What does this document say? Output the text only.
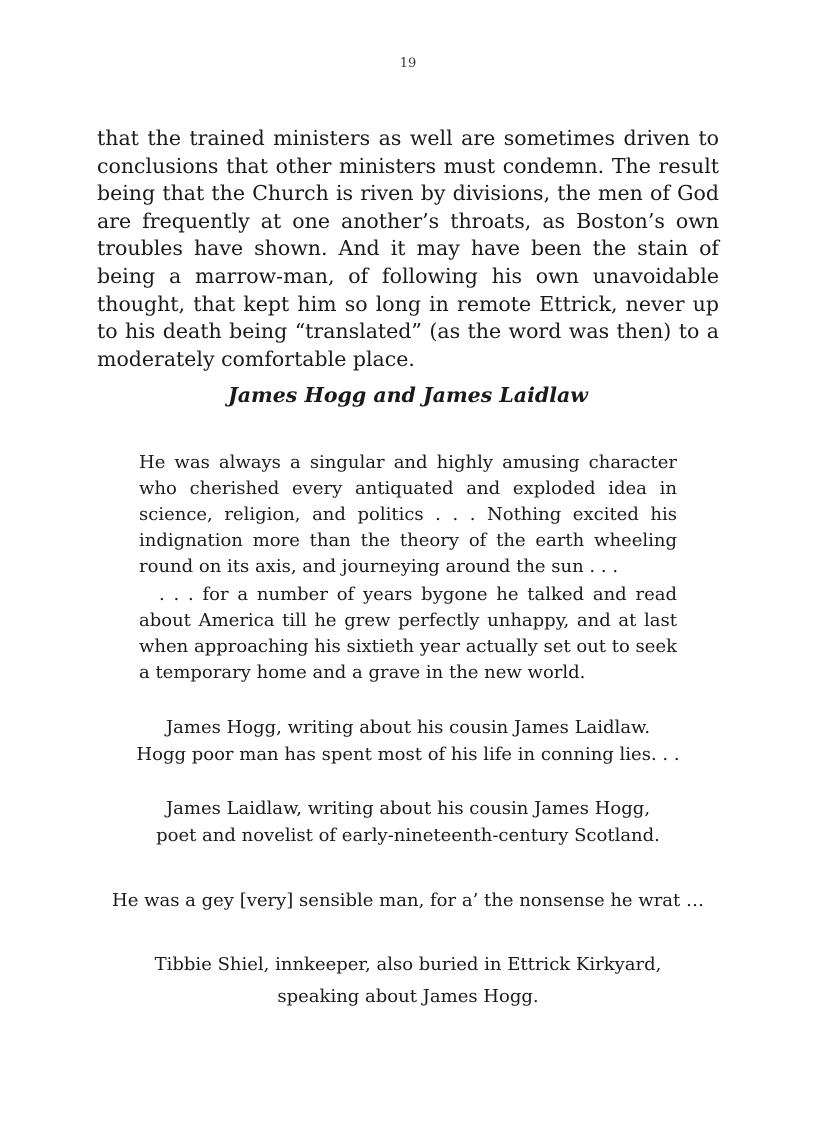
19

that the trained ministers as well are sometimes driven to conclusions that other ministers must condemn. The result being that the Church is riven by divisions, the men of God are frequently at one another’s throats, as Boston’s own troubles have shown. And it may have been the stain of being a marrow-man, of following his own unavoidable thought, that kept him so long in remote Ettrick, never up to his death being “translated” (as the word was then) to a moderately comfortable place.

James Hogg and James Laidlaw

He was always a singular and highly amusing character who cherished every antiquated and exploded idea in science, religion, and politics . . . Nothing excited his indignation more than the theory of the earth wheeling round on its axis, and journeying around the sun . . .

. . . for a number of years bygone he talked and read about America till he grew perfectly unhappy, and at last when approaching his sixtieth year actually set out to seek a temporary home and a grave in the new world.

James Hogg, writing about his cousin James Laidlaw.

Hogg poor man has spent most of his life in conning lies. . .

James Laidlaw, writing about his cousin James Hogg,

poet and novelist of early-nineteenth-century Scotland.

He was a gey [very] sensible man, for a’ the nonsense he wrat …

Tibbie Shiel, innkeeper, also buried in Ettrick Kirkyard,

speaking about James Hogg.
